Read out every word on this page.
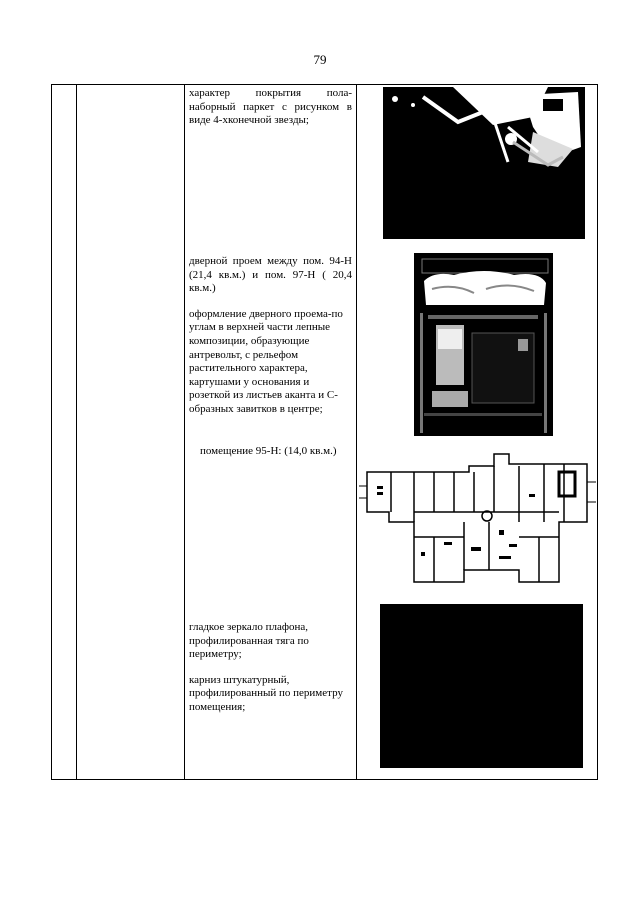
79

характер покрытия пола-наборный паркет с рисунком в виде 4-хконечной звезды;

дверной проем между пом. 94-Н (21,4 кв.м.) и пом. 97-Н ( 20,4 кв.м.)

оформление дверного проема-по углам в верхней части лепные композиции, образующие антревольт, с рельефом растительного характера, картушами у основания и розеткой из лиcтьев аканта и С-образных завитков в центре;

помещение 95-Н: (14,0 кв.м.)

гладкое зеркало плафона, профилированная тяга по периметру;

карниз штукатурный, профилированный по периметру помещения;
